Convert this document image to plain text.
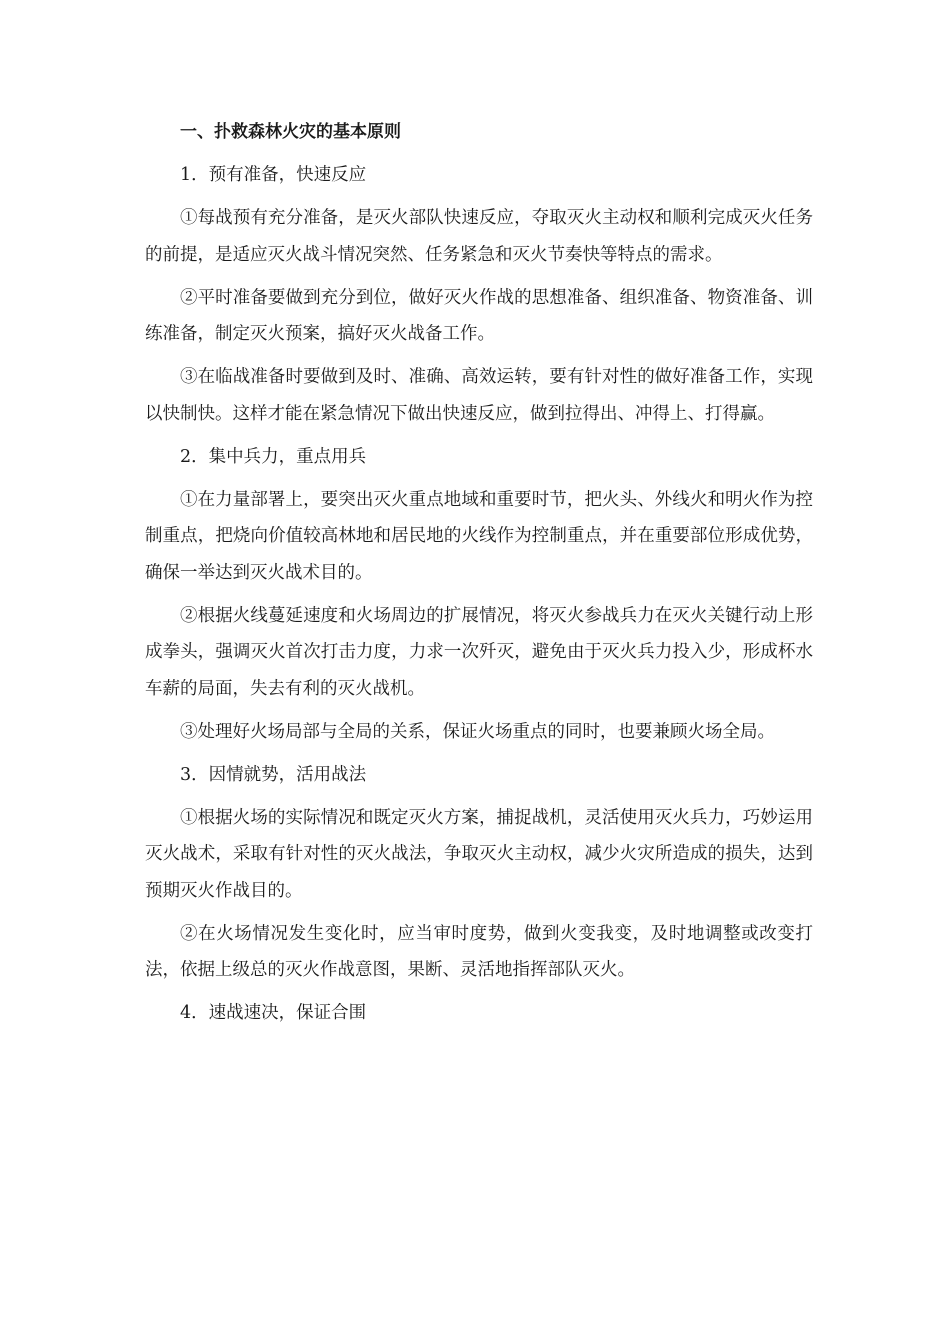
一、扑救森林火灾的基本原则

1．预有准备，快速反应

①每战预有充分准备，是灭火部队快速反应，夺取灭火主动权和顺利完成灭火任务的前提，是适应灭火战斗情况突然、任务紧急和灭火节奏快等特点的需求。

②平时准备要做到充分到位，做好灭火作战的思想准备、组织准备、物资准备、训练准备，制定灭火预案，搞好灭火战备工作。

③在临战准备时要做到及时、准确、高效运转，要有针对性的做好准备工作，实现以快制快。这样才能在紧急情况下做出快速反应，做到拉得出、冲得上、打得赢。

2．集中兵力，重点用兵

①在力量部署上，要突出灭火重点地域和重要时节，把火头、外线火和明火作为控制重点，把烧向价值较高林地和居民地的火线作为控制重点，并在重要部位形成优势，确保一举达到灭火战术目的。

②根据火线蔓延速度和火场周边的扩展情况，将灭火参战兵力在灭火关键行动上形成拳头，强调灭火首次打击力度，力求一次歼灭，避免由于灭火兵力投入少，形成杯水车薪的局面，失去有利的灭火战机。

③处理好火场局部与全局的关系，保证火场重点的同时，也要兼顾火场全局。

3．因情就势，活用战法

①根据火场的实际情况和既定灭火方案，捕捉战机，灵活使用灭火兵力，巧妙运用灭火战术，采取有针对性的灭火战法，争取灭火主动权，减少火灾所造成的损失，达到预期灭火作战目的。

②在火场情况发生变化时，应当审时度势，做到火变我变，及时地调整或改变打法，依据上级总的灭火作战意图，果断、灵活地指挥部队灭火。

4．速战速决，保证合围
